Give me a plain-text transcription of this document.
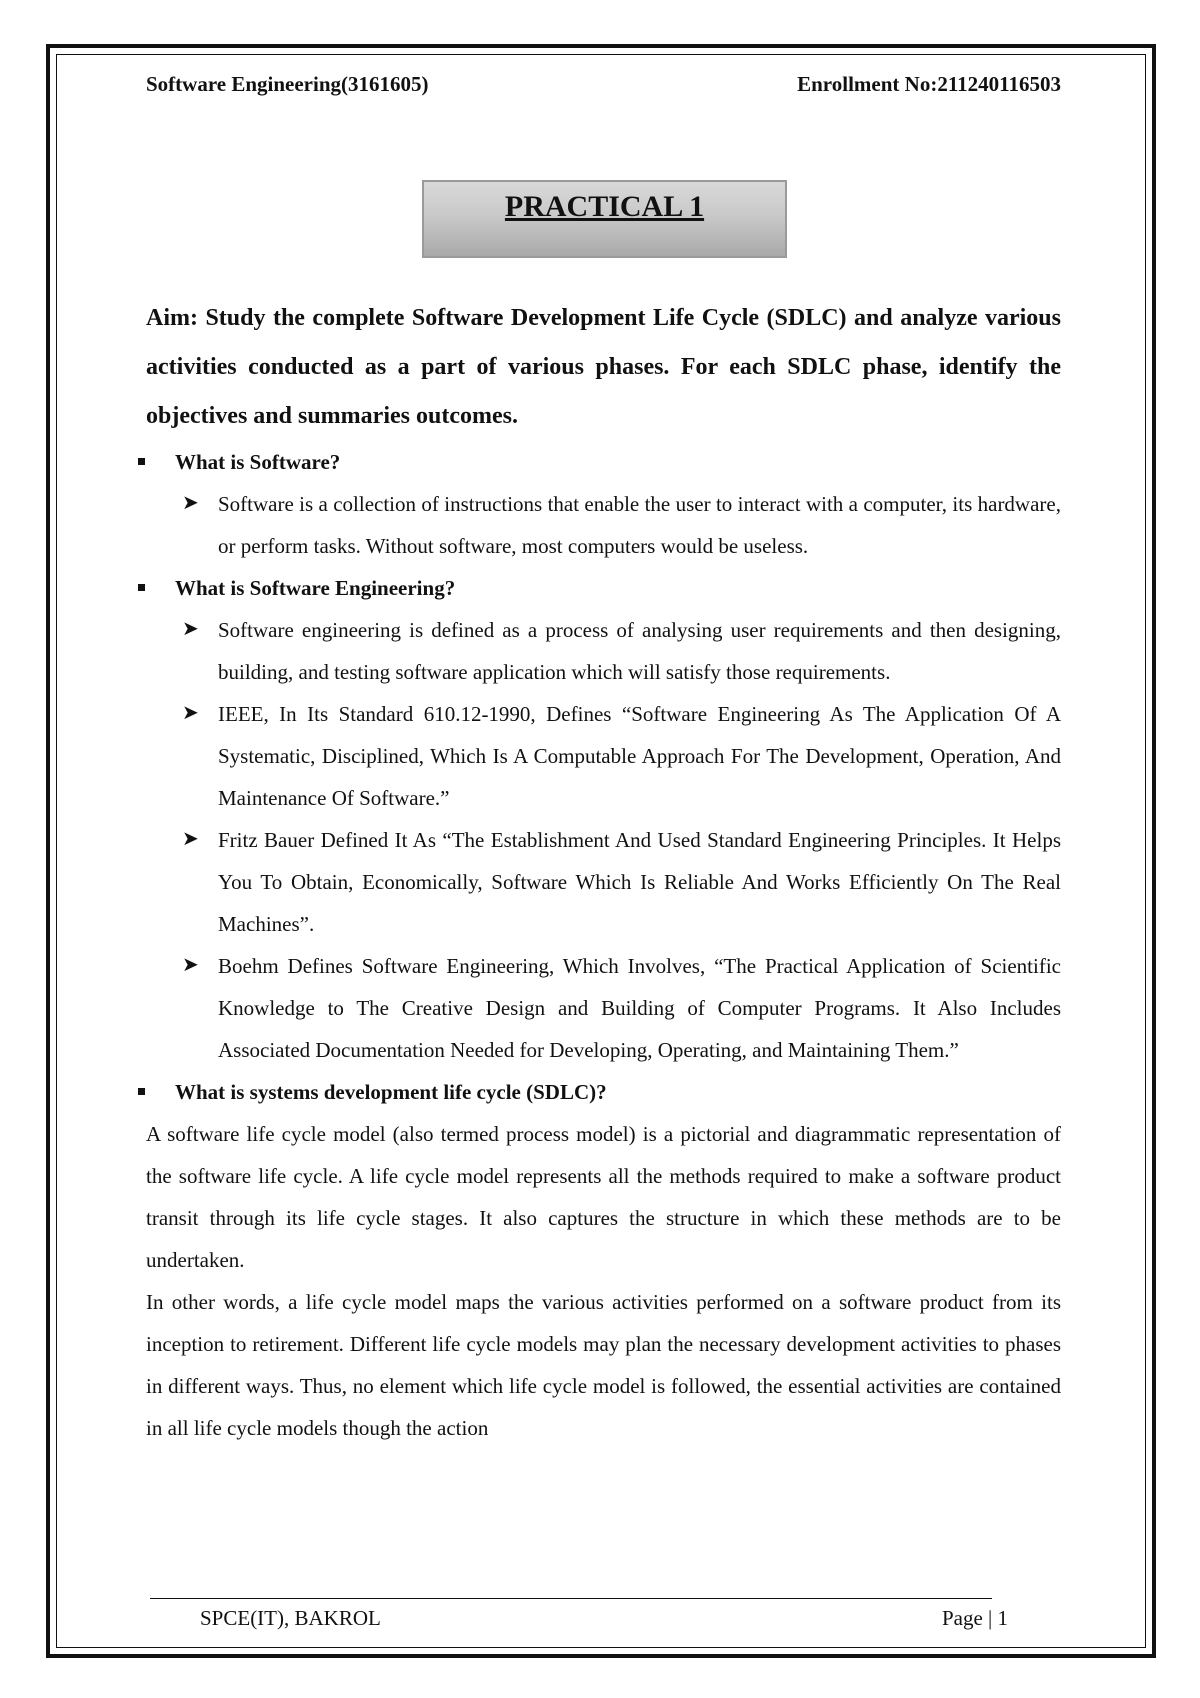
Software Engineering(3161605)	Enrollment No:211240116503
PRACTICAL 1

Aim: Study the complete Software Development Life Cycle (SDLC) and analyze various activities conducted as a part of various phases. For each SDLC phase, identify the objectives and summaries outcomes.

What is Software?
➤ Software is a collection of instructions that enable the user to interact with a computer, its hardware, or perform tasks. Without software, most computers would be useless.
What is Software Engineering?
➤ Software engineering is defined as a process of analysing user requirements and then designing, building, and testing software application which will satisfy those requirements.
➤ IEEE, In Its Standard 610.12-1990, Defines “Software Engineering As The Application Of A Systematic, Disciplined, Which Is A Computable Approach For The Development, Operation, And Maintenance Of Software.”
➤ Fritz Bauer Defined It As “The Establishment And Used Standard Engineering Principles. It Helps You To Obtain, Economically, Software Which Is Reliable And Works Efficiently On The Real Machines”.
➤ Boehm Defines Software Engineering, Which Involves, “The Practical Application of Scientific Knowledge to The Creative Design and Building of Computer Programs. It Also Includes Associated Documentation Needed for Developing, Operating, and Maintaining Them.”
What is systems development life cycle (SDLC)?

A software life cycle model (also termed process model) is a pictorial and diagrammatic representation of the software life cycle. A life cycle model represents all the methods required to make a software product transit through its life cycle stages. It also captures the structure in which these methods are to be undertaken.

In other words, a life cycle model maps the various activities performed on a software product from its inception to retirement. Different life cycle models may plan the necessary development activities to phases in different ways. Thus, no element which life cycle model is followed, the essential activities are contained in all life cycle models though the action

SPCE(IT), BAKROL	Page | 1
